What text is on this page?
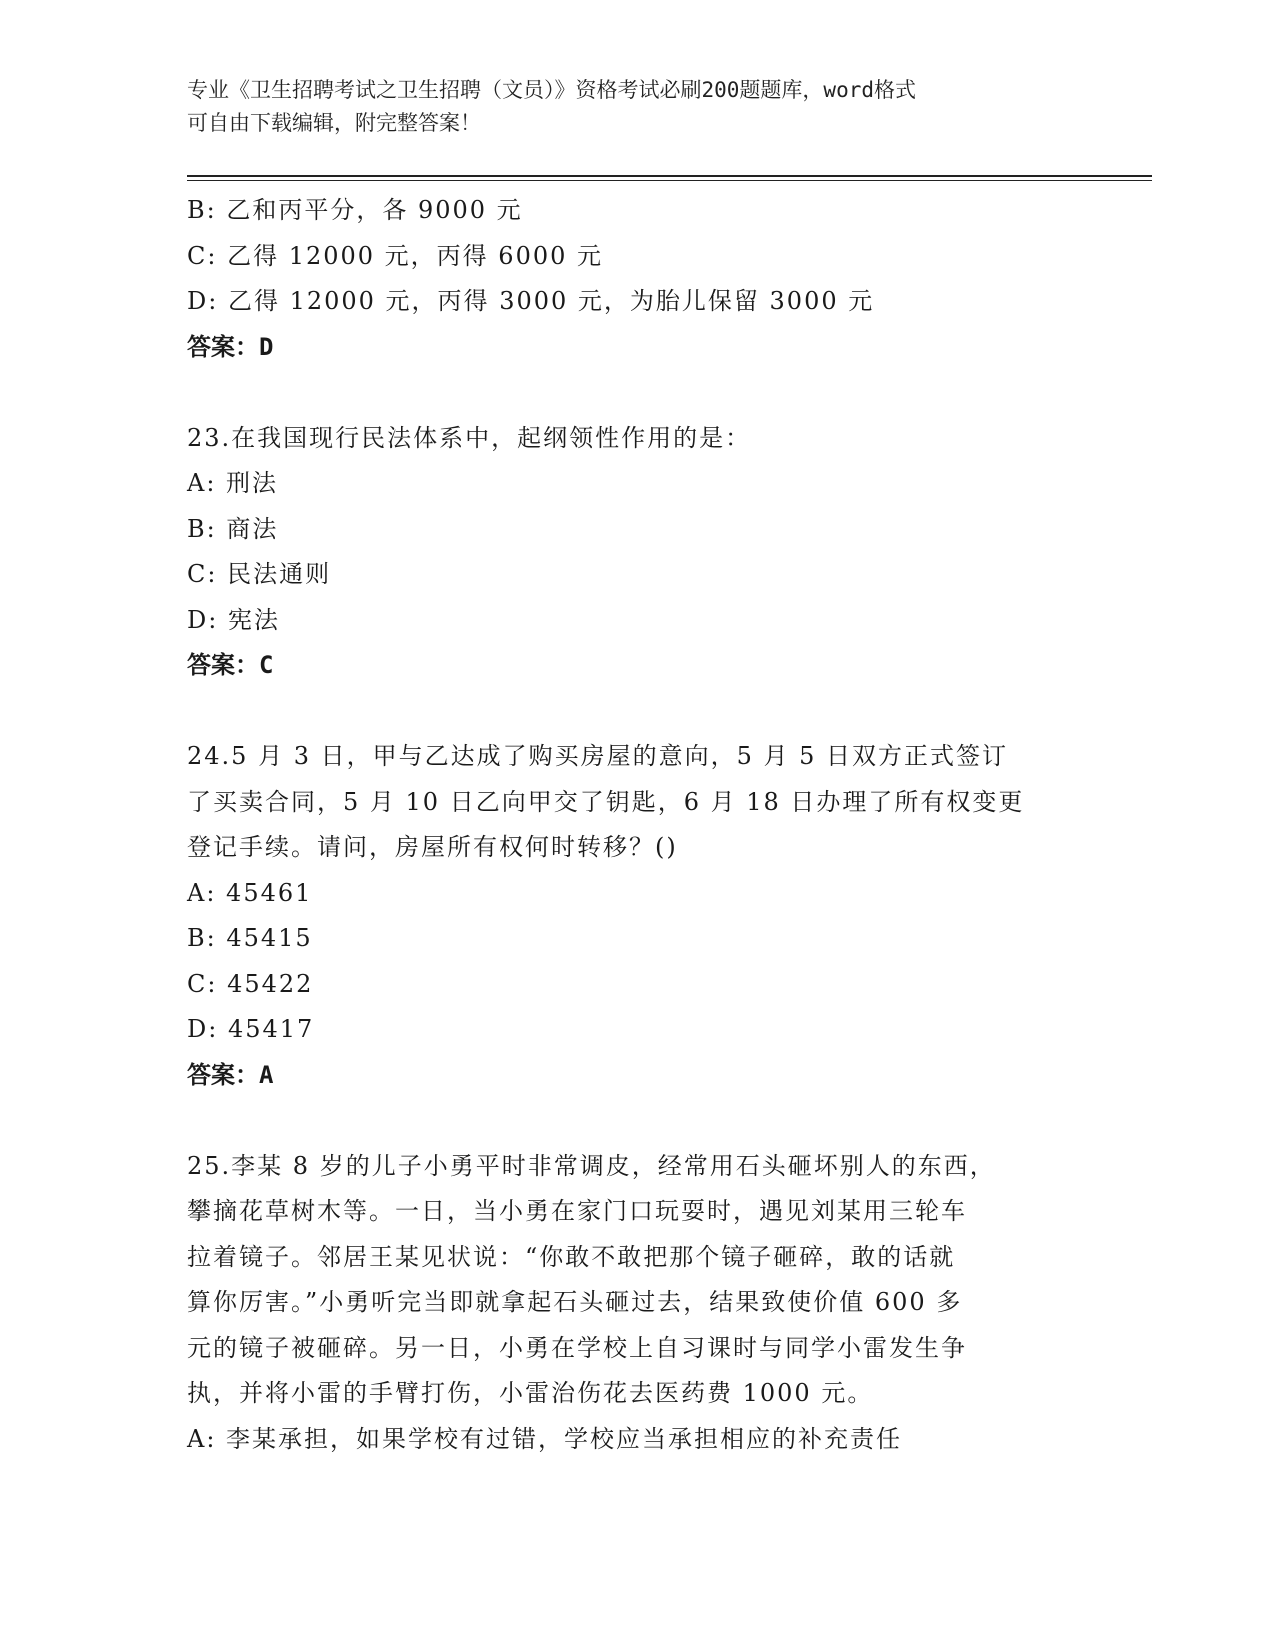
专业《卫生招聘考试之卫生招聘（文员）》资格考试必刷200题题库，word格式
可自由下载编辑，附完整答案！
B: 乙和丙平分，各 9000 元
C: 乙得 12000 元，丙得 6000 元
D: 乙得 12000 元，丙得 3000 元，为胎儿保留 3000 元
答案：D
23.在我国现行民法体系中，起纲领性作用的是：
A: 刑法
B: 商法
C: 民法通则
D: 宪法
答案：C
24.5 月 3 日，甲与乙达成了购买房屋的意向，5 月 5 日双方正式签订
了买卖合同，5 月 10 日乙向甲交了钥匙，6 月 18 日办理了所有权变更
登记手续。请问，房屋所有权何时转移？()
A: 45461
B: 45415
C: 45422
D: 45417
答案：A
25.李某 8 岁的儿子小勇平时非常调皮，经常用石头砸坏别人的东西，
攀摘花草树木等。一日，当小勇在家门口玩耍时，遇见刘某用三轮车
拉着镜子。邻居王某见状说：“你敢不敢把那个镜子砸碎，敢的话就
算你厉害。”小勇听完当即就拿起石头砸过去，结果致使价值 600 多
元的镜子被砸碎。另一日，小勇在学校上自习课时与同学小雷发生争
执，并将小雷的手臂打伤，小雷治伤花去医药费 1000 元。
A: 李某承担，如果学校有过错，学校应当承担相应的补充责任
